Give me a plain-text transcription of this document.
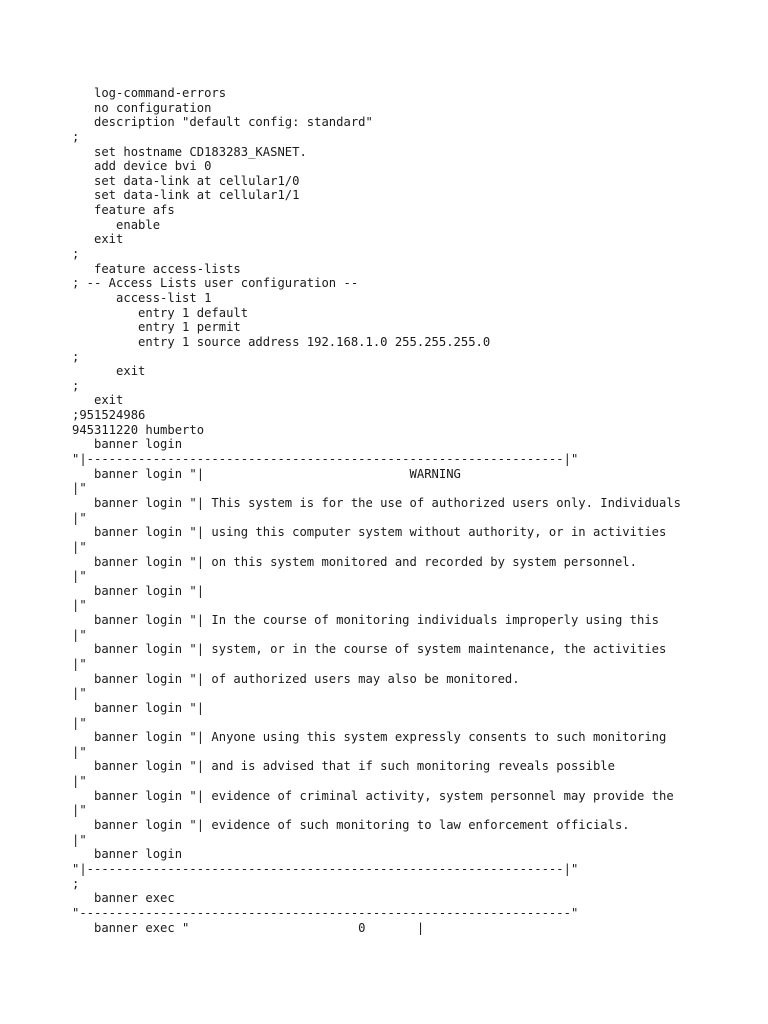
log-command-errors
no configuration
description "default config: standard"
;
set hostname CD183283_KASNET.
add device bvi 0
set data-link at cellular1/0
set data-link at cellular1/1
feature afs
enable
exit
;
feature access-lists
; -- Access Lists user configuration --
access-list 1
entry 1 default
entry 1 permit
entry 1 source address 192.168.1.0 255.255.255.0
;
exit
;
exit
;951524986
945311220 humberto
banner login
"|-----------------------------------------------------------------|"
banner login "|                            WARNING
|"
banner login "| This system is for the use of authorized users only. Individuals
|"
banner login "| using this computer system without authority, or in activities
|"
banner login "| on this system monitored and recorded by system personnel.
|"
banner login "|
|"
banner login "| In the course of monitoring individuals improperly using this
|"
banner login "| system, or in the course of system maintenance, the activities
|"
banner login "| of authorized users may also be monitored.
|"
banner login "|
|"
banner login "| Anyone using this system expressly consents to such monitoring
|"
banner login "| and is advised that if such monitoring reveals possible
|"
banner login "| evidence of criminal activity, system personnel may provide the
|"
banner login "| evidence of such monitoring to law enforcement officials.
|"
banner login
"|-----------------------------------------------------------------|"
;
banner exec
"-------------------------------------------------------------------"
banner exec "                       0       |
